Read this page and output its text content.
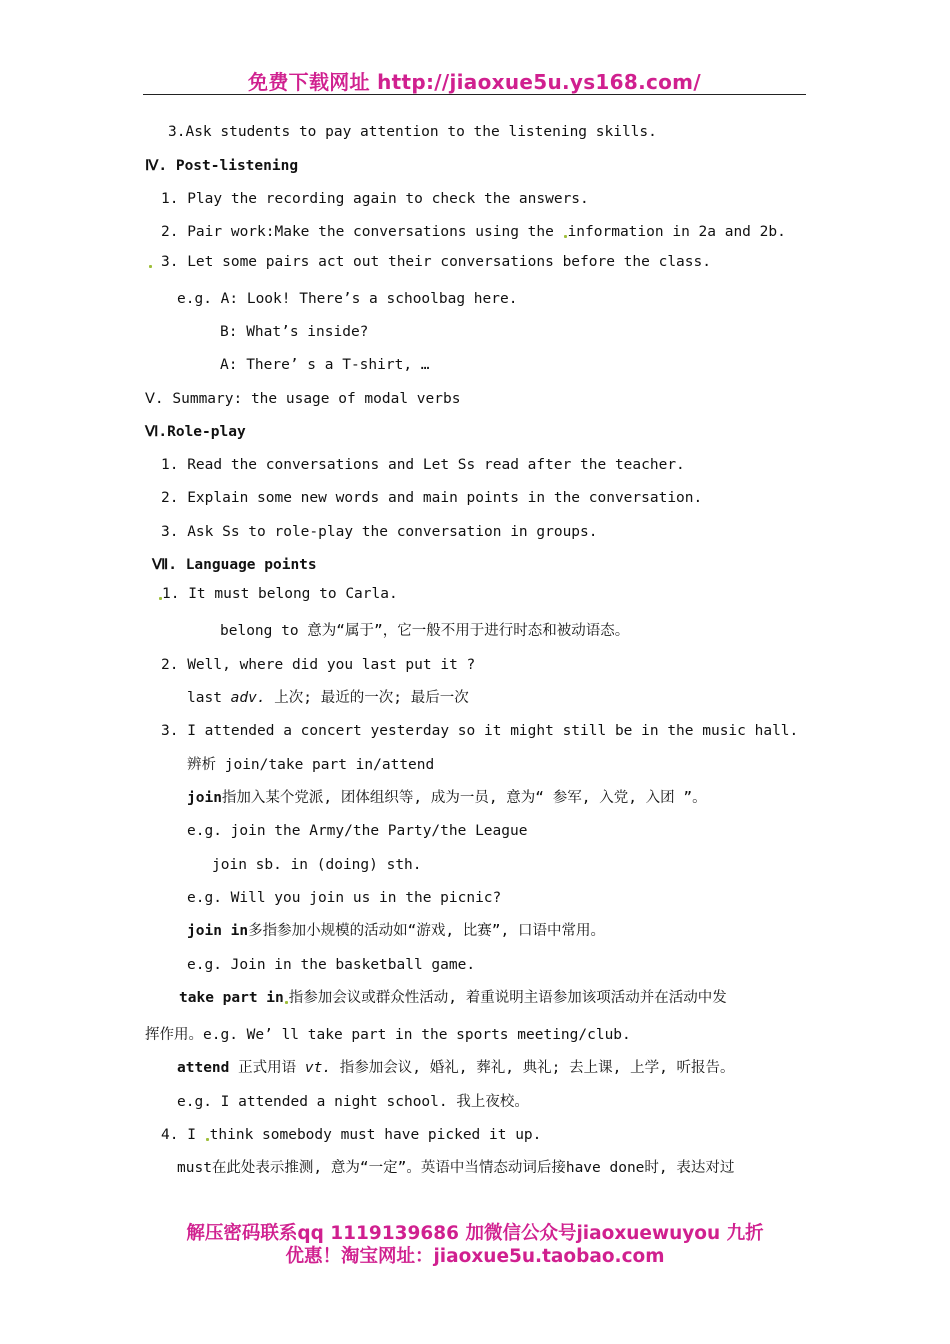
免费下载网址 http://jiaoxue5u.ys168.com/
3.Ask students to pay attention to the listening skills.
Ⅳ. Post-listening
1. Play the recording again to check the answers.
2. Pair work:Make the conversations using the information in 2a and 2b.
3. Let some pairs act out their conversations before the class.
e.g. A: Look! There’s a schoolbag here.
B: What’s inside?
A: There’ s a T-shirt, …
Ⅴ. Summary: the usage of modal verbs
Ⅵ.Role-play
1. Read the conversations and Let Ss read after the teacher.
2. Explain some new words and main points in the conversation.
3. Ask Ss to role-play the conversation in groups.
Ⅶ. Language points
1. It must belong to Carla.
belong to 意为“属于”，它一般不用于进行时态和被动语态。
2. Well, where did you last put it ?
last adv. 上次; 最近的一次; 最后一次
3. I attended a concert yesterday so it might still be in the music hall.
辨析 join/take part in/attend
join指加入某个党派, 团体组织等, 成为一员, 意为“ 参军, 入党, 入团 ”。
e.g. join the Army/the Party/the League
join sb. in (doing) sth.
e.g. Will you join us in the picnic?
join in多指参加小规模的活动如“游戏, 比赛”, 口语中常用。
e.g. Join in the basketball game.
take part in 指参加会议或群众性活动, 着重说明主语参加该项活动并在活动中发
挥作用。e.g. We’ ll take part in the sports meeting/club.
attend 正式用语 vt. 指参加会议, 婚礼, 葬礼, 典礼; 去上课, 上学, 听报告。
e.g. I attended a night school. 我上夜校。
4. I think somebody must have picked it up.
must在此处表示推测, 意为“一定”。英语中当情态动词后接have done时, 表达对过
解压密码联系qq 1119139686 加微信公众号jiaoxuewuyou 九折
优惠！淘宝网址：jiaoxue5u.taobao.com
